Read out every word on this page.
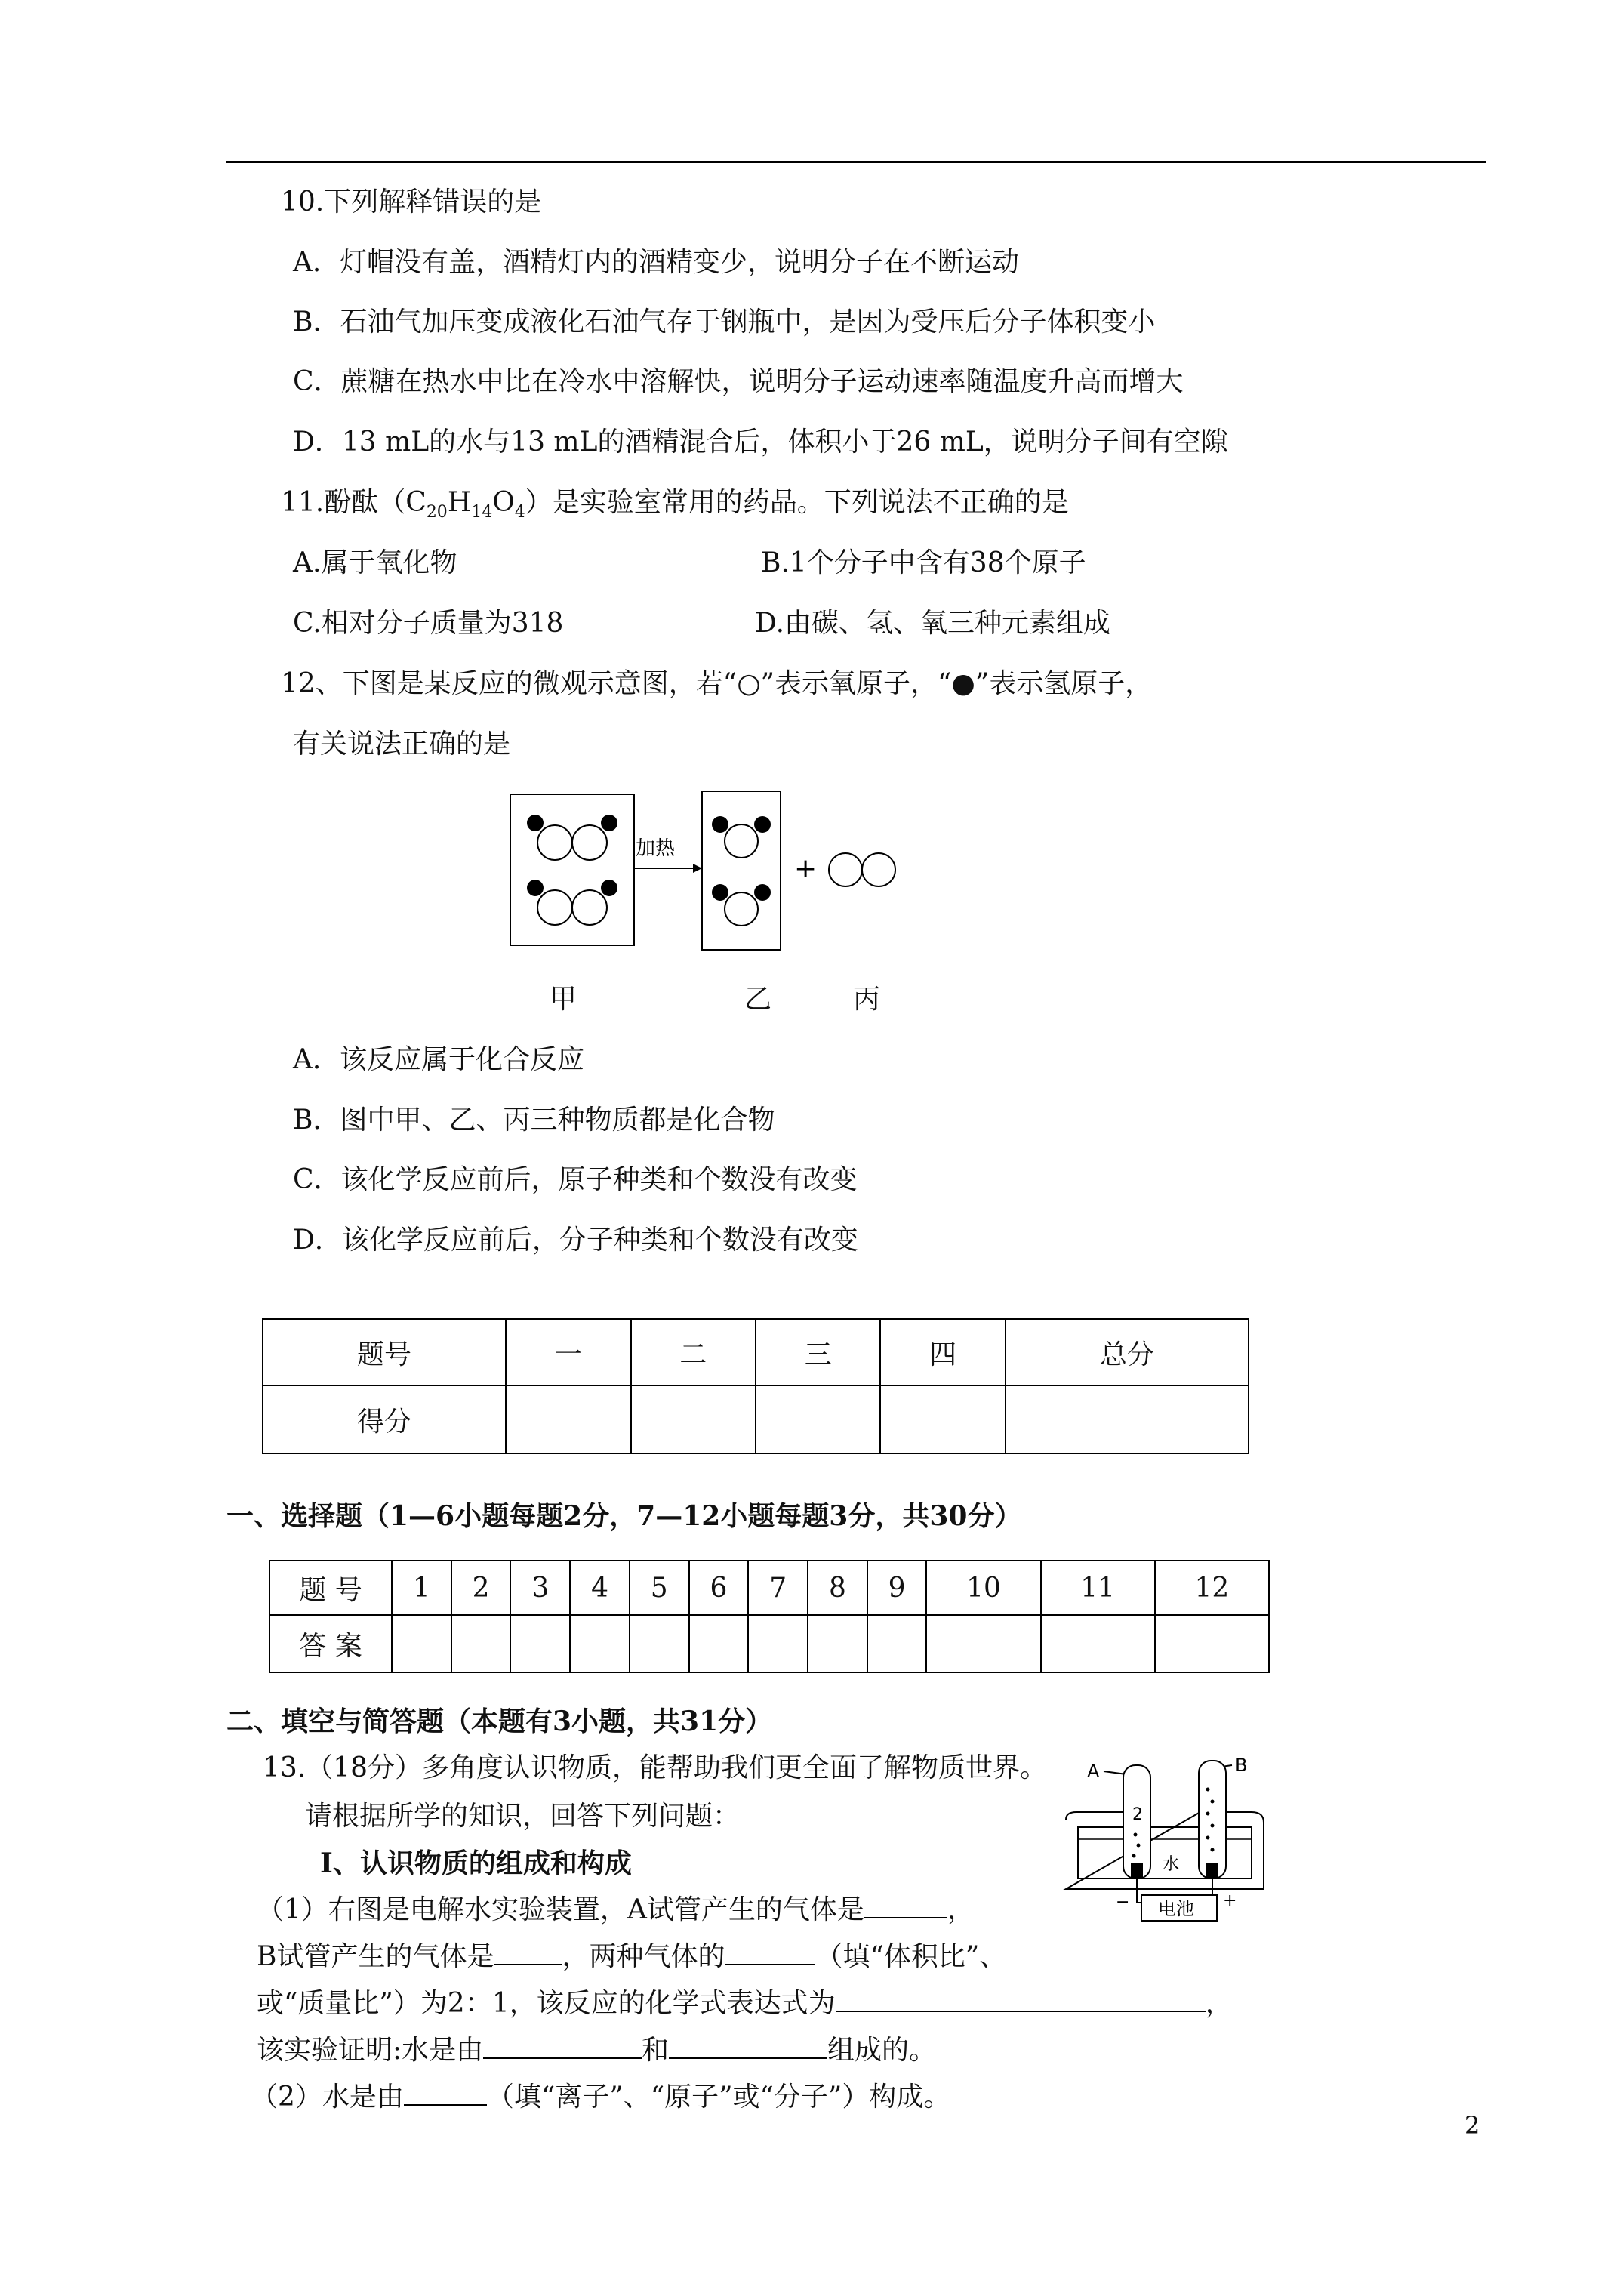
10.下列解释错误的是
A．灯帽没有盖，酒精灯内的酒精变少，说明分子在不断运动
B．石油气加压变成液化石油气存于钢瓶中，是因为受压后分子体积变小
C．蔗糖在热水中比在冷水中溶解快，说明分子运动速率随温度升高而增大
D．13 mL的水与13 mL的酒精混合后，体积小于26 mL，说明分子间有空隙
11.酚酞$(C_{20}H_{14}O_4)$是实验室常用的药品。下列说法不正确的是
A.属于氧化物	B.1个分子中含有38个原子
C.相对分子质量为318	D.由碳、氢、氧三种元素组成
12、下图是某反应的微观示意图，若“○”表示氧原子，“●”表示氢原子，
有关说法正确的是
加热
+
甲	乙	丙
A．该反应属于化合反应
B．图中甲、乙、丙三种物质都是化合物
C．该化学反应前后，原子种类和个数没有改变
D．该化学反应前后，分子种类和个数没有改变
题号	一	二	三	四	总分
得分					
一、选择题（1—6小题每题2分，7—12小题每题3分，共30分）
题 号	1	2	3	4	5	6	7	8	9	10	11	12
答 案												
二、填空与简答题（本题有3小题，共31分）
13.（18分）多角度认识物质，能帮助我们更全面了解物质世界。
请根据所学的知识，回答下列问题：
Ⅰ、认识物质的组成和构成
（1）右图是电解水实验装置，A试管产生的气体是	，
B试管产生的气体是	，两种气体的	（填“体积比”、
或“质量比”）为2：1，该反应的化学式表达式为	，
该实验证明:水是由	和	组成的。
（2）水是由	（填“离子”、“原子”或“分子”）构成。
A	B
水
2
−	+
电池
2
